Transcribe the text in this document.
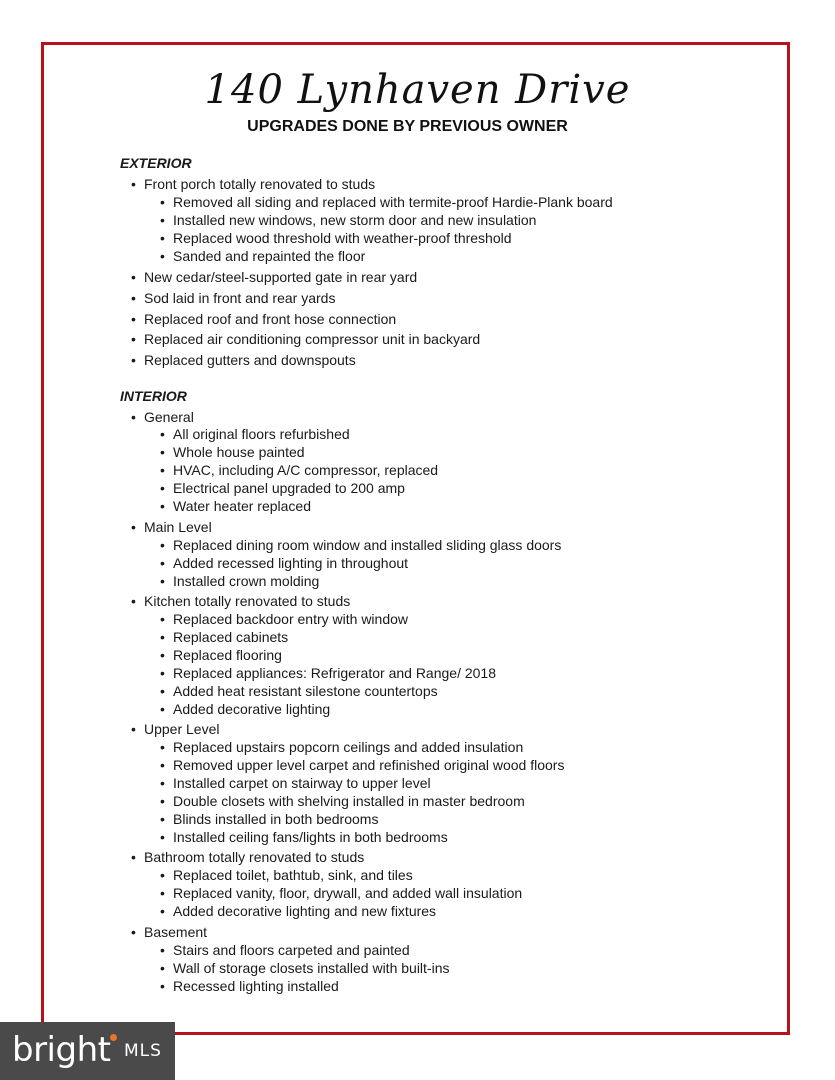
140 Lynhaven Drive
UPGRADES DONE BY PREVIOUS OWNER
EXTERIOR
• Front porch totally renovated to studs
• Removed all siding and replaced with termite-proof Hardie-Plank board
• Installed new windows, new storm door and new insulation
• Replaced wood threshold with weather-proof threshold
• Sanded and repainted the floor
• New cedar/steel-supported gate in rear yard
• Sod laid in front and rear yards
• Replaced roof and front hose connection
• Replaced air conditioning compressor unit in backyard
• Replaced gutters and downspouts
INTERIOR
• General
• All original floors refurbished
• Whole house painted
• HVAC, including A/C compressor, replaced
• Electrical panel upgraded to 200 amp
• Water heater replaced
• Main Level
• Replaced dining room window and installed sliding glass doors
• Added recessed lighting in throughout
• Installed crown molding
• Kitchen totally renovated to studs
• Replaced backdoor entry with window
• Replaced cabinets
• Replaced flooring
• Replaced appliances: Refrigerator and Range/ 2018
• Added heat resistant silestone countertops
• Added decorative lighting
• Upper Level
• Replaced upstairs popcorn ceilings and added insulation
• Removed upper level carpet and refinished original wood floors
• Installed carpet on stairway to upper level
• Double closets with shelving installed in master bedroom
• Blinds installed in both bedrooms
• Installed ceiling fans/lights in both bedrooms
• Bathroom totally renovated to studs
• Replaced toilet, bathtub, sink, and tiles
• Replaced vanity, floor, drywall, and added wall insulation
• Added decorative lighting and new fixtures
• Basement
• Stairs and floors carpeted and painted
• Wall of storage closets installed with built-ins
• Recessed lighting installed
bright MLS
